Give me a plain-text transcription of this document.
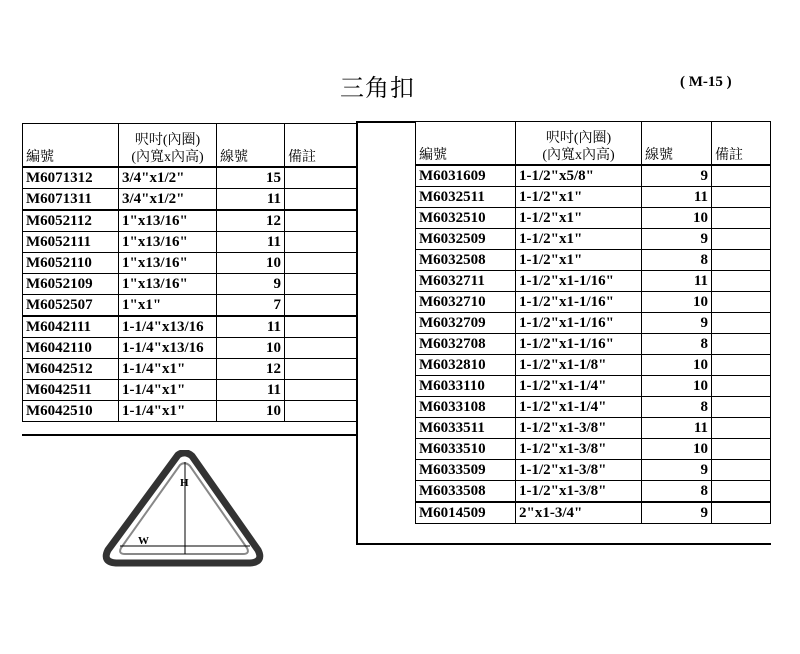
三角扣	( M-15 )
編號	呎吋(內圈)
(內寬x內高)	線號	備註
M6071312	3/4"x1/2"	15	
M6071311	3/4"x1/2"	11	
M6052112	1"x13/16"	12	
M6052111	1"x13/16"	11	
M6052110	1"x13/16"	10	
M6052109	1"x13/16"	9	
M6052507	1"x1"	7	
M6042111	1-1/4"x13/16	11	
M6042110	1-1/4"x13/16	10	
M6042512	1-1/4"x1"	12	
M6042511	1-1/4"x1"	11	
M6042510	1-1/4"x1"	10	
編號	呎吋(內圈)
(內寬x內高)	線號	備註
M6031609	1-1/2"x5/8"	9	
M6032511	1-1/2"x1"	11	
M6032510	1-1/2"x1"	10	
M6032509	1-1/2"x1"	9	
M6032508	1-1/2"x1"	8	
M6032711	1-1/2"x1-1/16"	11	
M6032710	1-1/2"x1-1/16"	10	
M6032709	1-1/2"x1-1/16"	9	
M6032708	1-1/2"x1-1/16"	8	
M6032810	1-1/2"x1-1/8"	10	
M6033110	1-1/2"x1-1/4"	10	
M6033108	1-1/2"x1-1/4"	8	
M6033511	1-1/2"x1-3/8"	11	
M6033510	1-1/2"x1-3/8"	10	
M6033509	1-1/2"x1-3/8"	9	
M6033508	1-1/2"x1-3/8"	8	
M6014509	2"x1-3/4"	9	
H
W
